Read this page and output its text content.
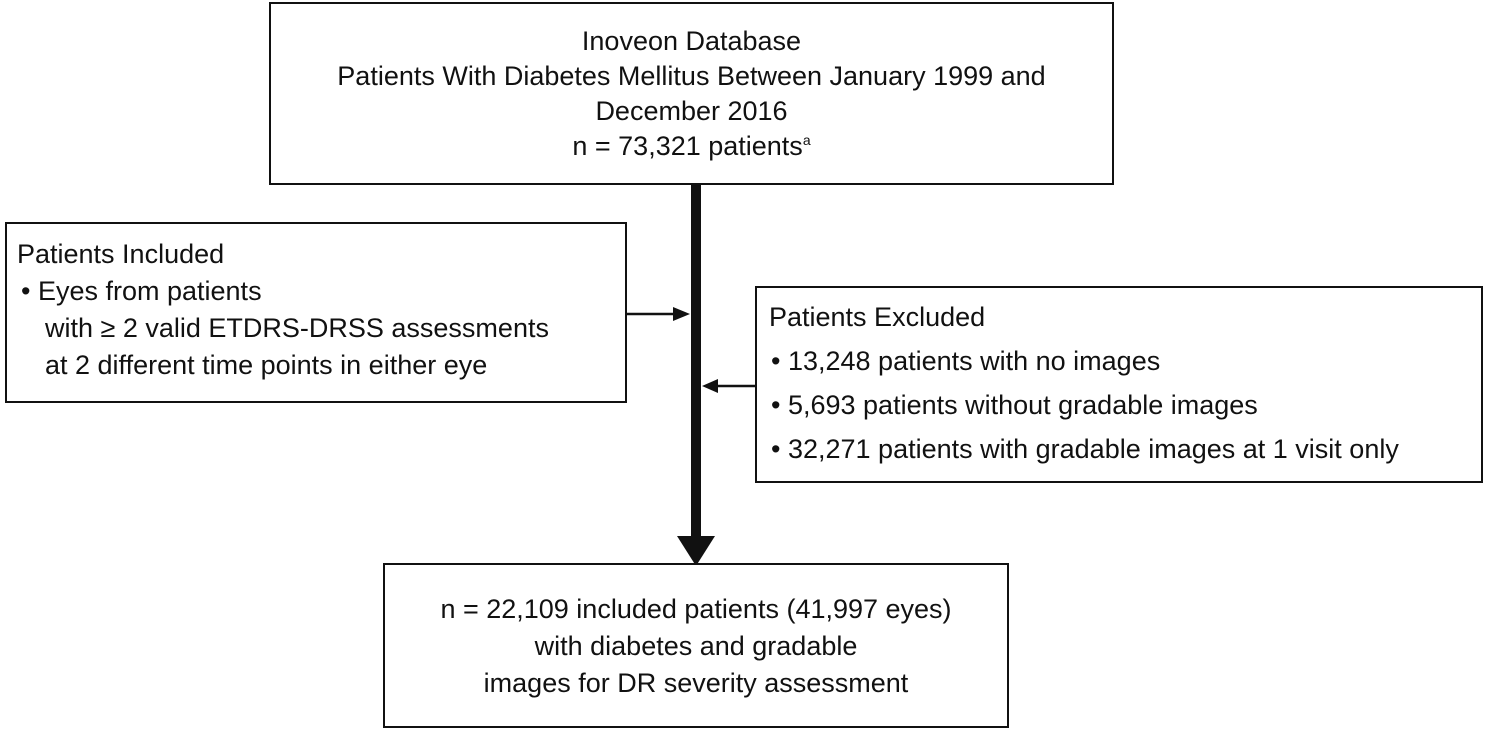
Inoveon Database
Patients With Diabetes Mellitus Between January 1999 and
December 2016
n = 73,321 patients$^a$
Patients Included
• Eyes from patients
with ≥ 2 valid ETDRS-DRSS assessments
at 2 different time points in either eye
Patients Excluded
• 13,248 patients with no images
• 5,693 patients without gradable images
• 32,271 patients with gradable images at 1 visit only
n = 22,109 included patients (41,997 eyes)
with diabetes and gradable
images for DR severity assessment
